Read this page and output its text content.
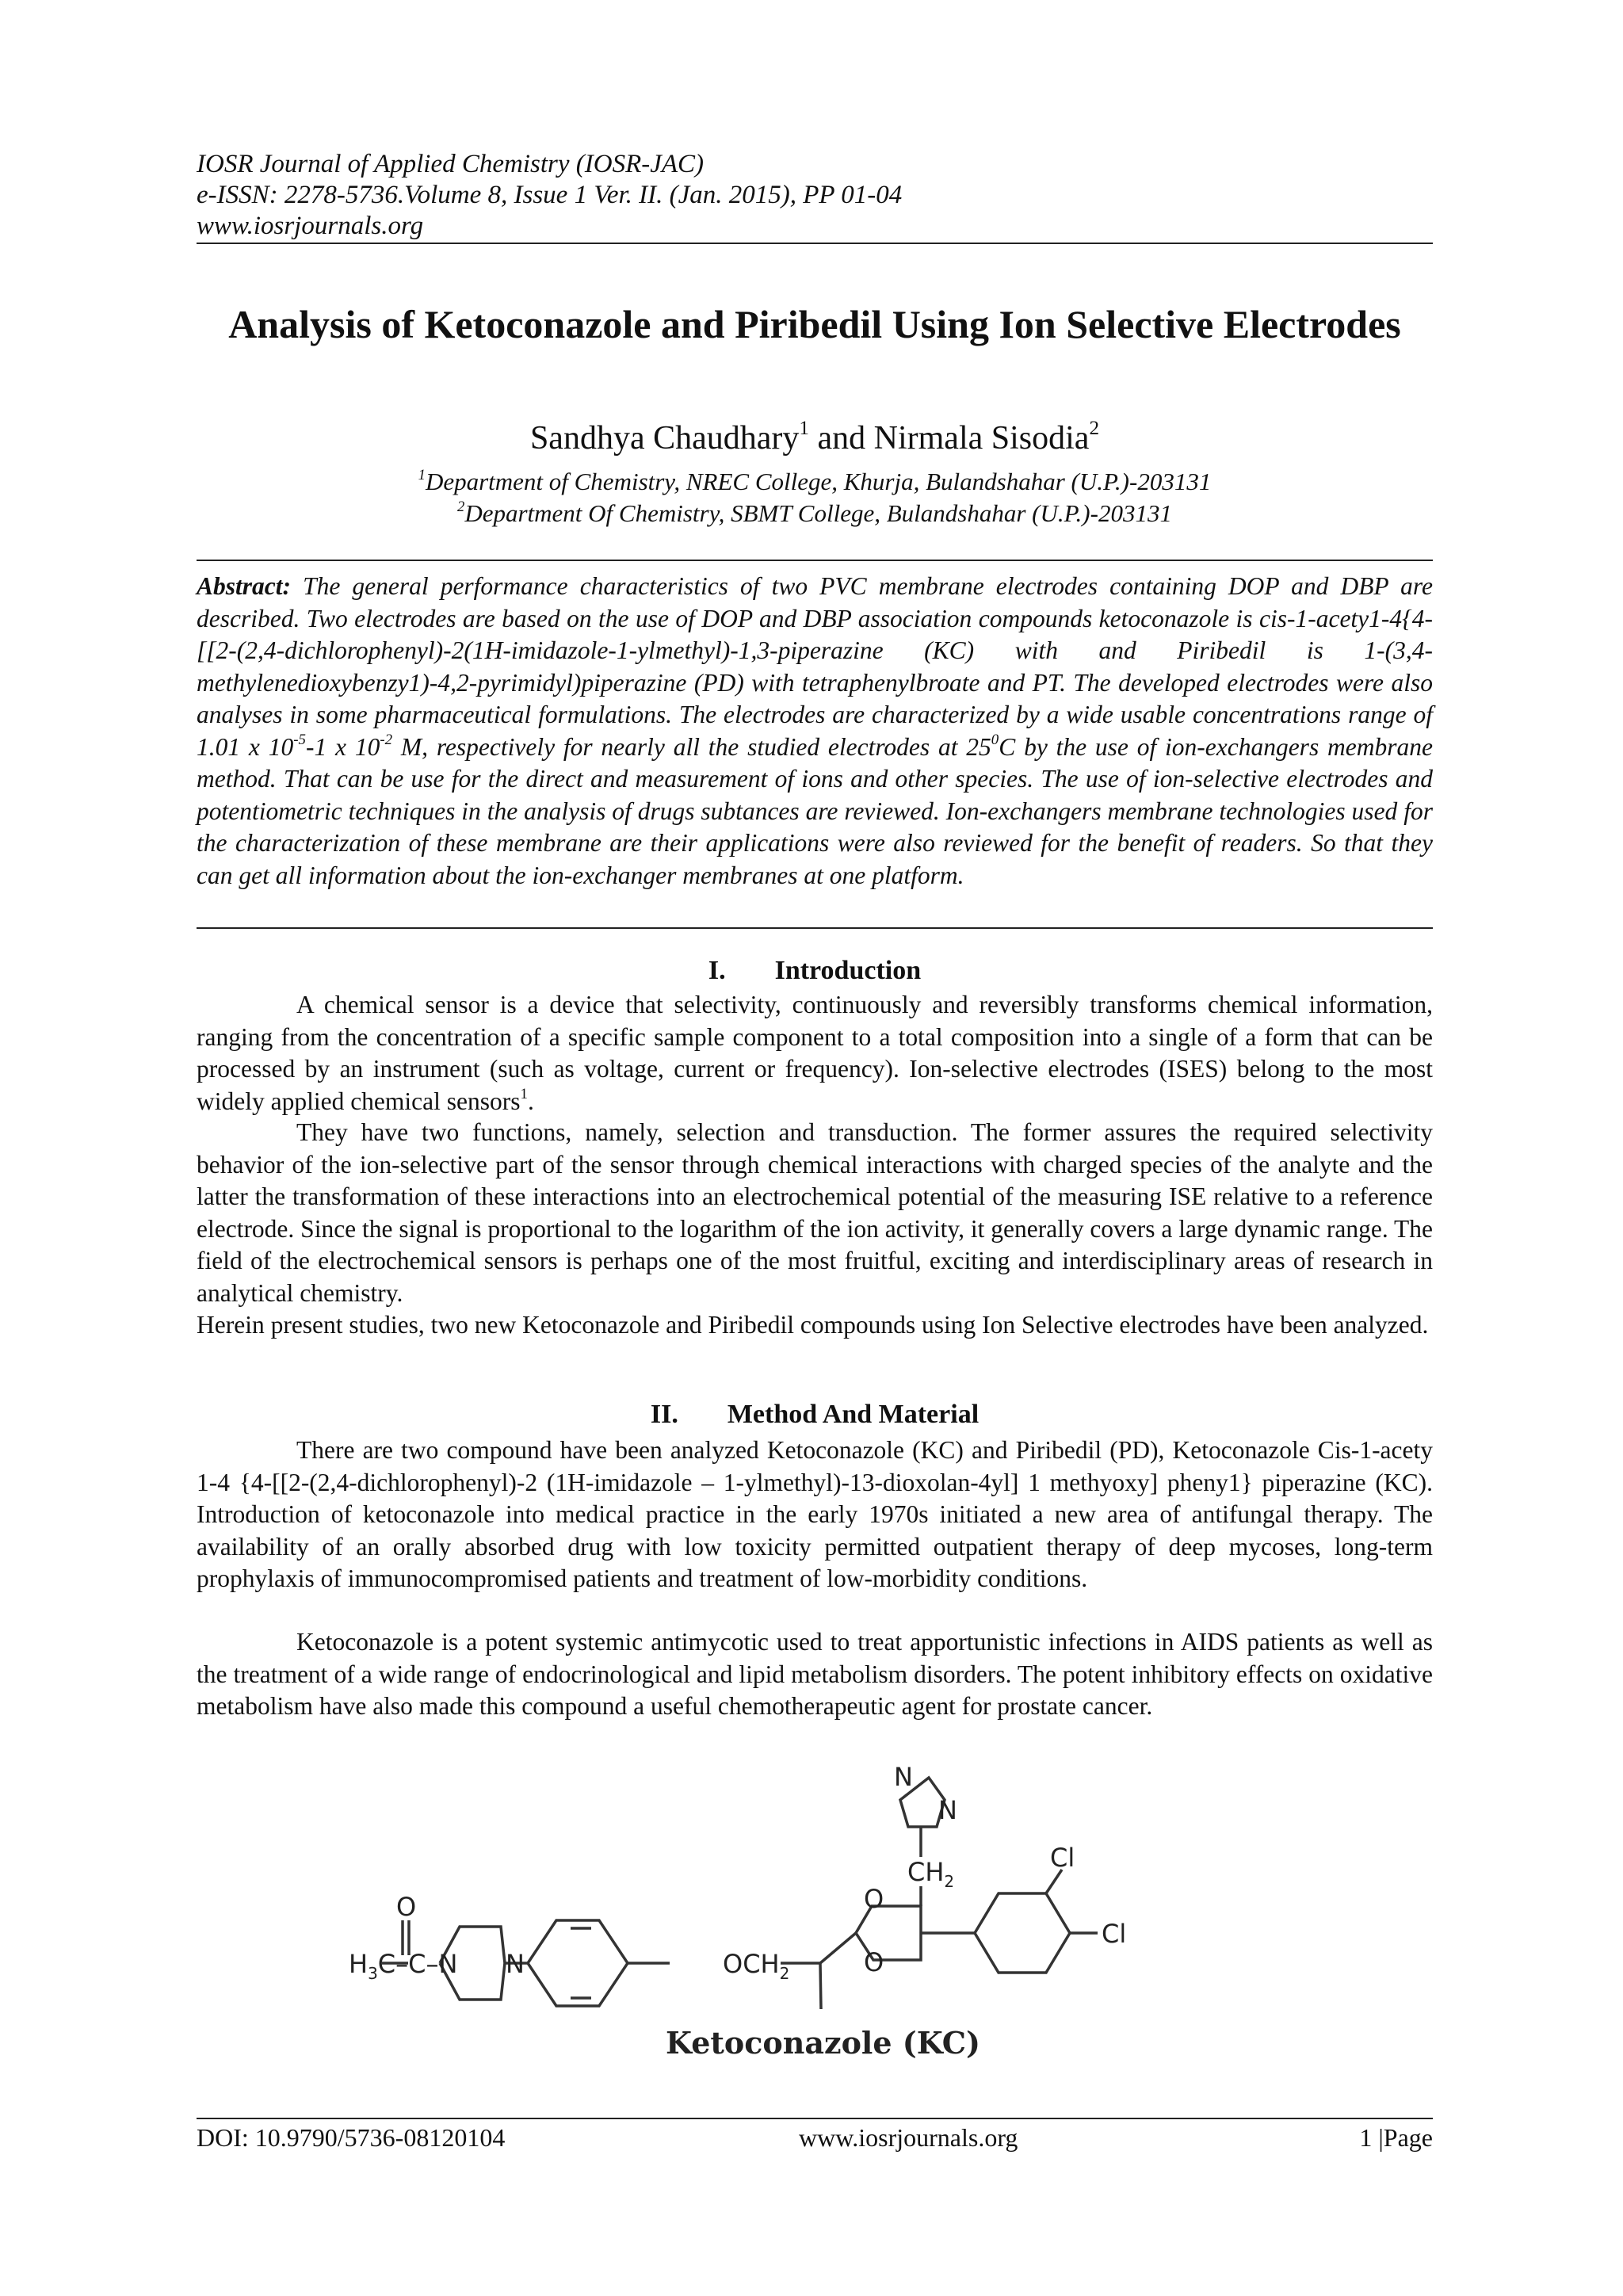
IOSR Journal of Applied Chemistry (IOSR-JAC)
e-ISSN: 2278-5736.Volume 8, Issue 1 Ver. II. (Jan. 2015), PP 01-04
www.iosrjournals.org
Analysis of Ketoconazole and Piribedil Using Ion Selective Electrodes
Sandhya Chaudhary$^1$ and Nirmala Sisodia$^2$
$^1$Department of Chemistry, NREC College, Khurja, Bulandshahar (U.P.)-203131
$^2$Department Of Chemistry, SBMT College, Bulandshahar (U.P.)-203131
Abstract: The general performance characteristics of two PVC membrane electrodes containing DOP and DBP are described. Two electrodes are based on the use of DOP and DBP association compounds ketoconazole is cis-1-acety1-4{4-[[2-(2,4-dichlorophenyl)-2(1H-imidazole-1-ylmethyl)-1,3-piperazine (KC) with and Piribedil is 1-(3,4-methylenedioxybenzy1)-4,2-pyrimidyl)piperazine (PD) with tetraphenylbroate and PT. The developed electrodes were also analyses in some pharmaceutical formulations. The electrodes are characterized by a wide usable concentrations range of 1.01 x $10^{-5}-1$ x $10^{-2}$ M, respectively for nearly all the studied electrodes at $25^0C$ by the use of ion-exchangers membrane method. That can be use for the direct and measurement of ions and other species. The use of ion-selective electrodes and potentiometric techniques in the analysis of drugs subtances are reviewed. Ion-exchangers membrane technologies used for the characterization of these membrane are their applications were also reviewed for the benefit of readers. So that they can get all information about the ion-exchanger membranes at one platform.
I. Introduction
A chemical sensor is a device that selectivity, continuously and reversibly transforms chemical information, ranging from the concentration of a specific sample component to a total composition into a single of a form that can be processed by an instrument (such as voltage, current or frequency). Ion-selective electrodes (ISES) belong to the most widely applied chemical sensors$^1$.
They have two functions, namely, selection and transduction. The former assures the required selectivity behavior of the ion-selective part of the sensor through chemical interactions with charged species of the analyte and the latter the transformation of these interactions into an electrochemical potential of the measuring ISE relative to a reference electrode. Since the signal is proportional to the logarithm of the ion activity, it generally covers a large dynamic range. The field of the electrochemical sensors is perhaps one of the most fruitful, exciting and interdisciplinary areas of research in analytical chemistry.
Herein present studies, two new Ketoconazole and Piribedil compounds using Ion Selective electrodes have been analyzed.
II. Method And Material
There are two compound have been analyzed Ketoconazole (KC) and Piribedil (PD), Ketoconazole Cis-1-acety 1-4 {4-[[2-(2,4-dichlorophenyl)-2 (1H-imidazole – 1-ylmethyl)-13-dioxolan-4yl] 1 methyoxy] pheny1} piperazine (KC). Introduction of ketoconazole into medical practice in the early 1970s initiated a new area of antifungal therapy. The availability of an orally absorbed drug with low toxicity permitted outpatient therapy of deep mycoses, long-term prophylaxis of immunocompromised patients and treatment of low-morbidity conditions.
Ketoconazole is a potent systemic antimycotic used to treat apportunistic infections in AIDS patients as well as the treatment of a wide range of endocrinological and lipid metabolism disorders. The potent inhibitory effects on oxidative metabolism have also made this compound a useful chemotherapeutic agent for prostate cancer.
N
N
$CH_2$
Cl
Cl
O
O
$OCH_2$
O
$H_3C-C-N$ N
Ketoconazole (KC)
DOI: 10.9790/5736-08120104	www.iosrjournals.org	1 |Page
